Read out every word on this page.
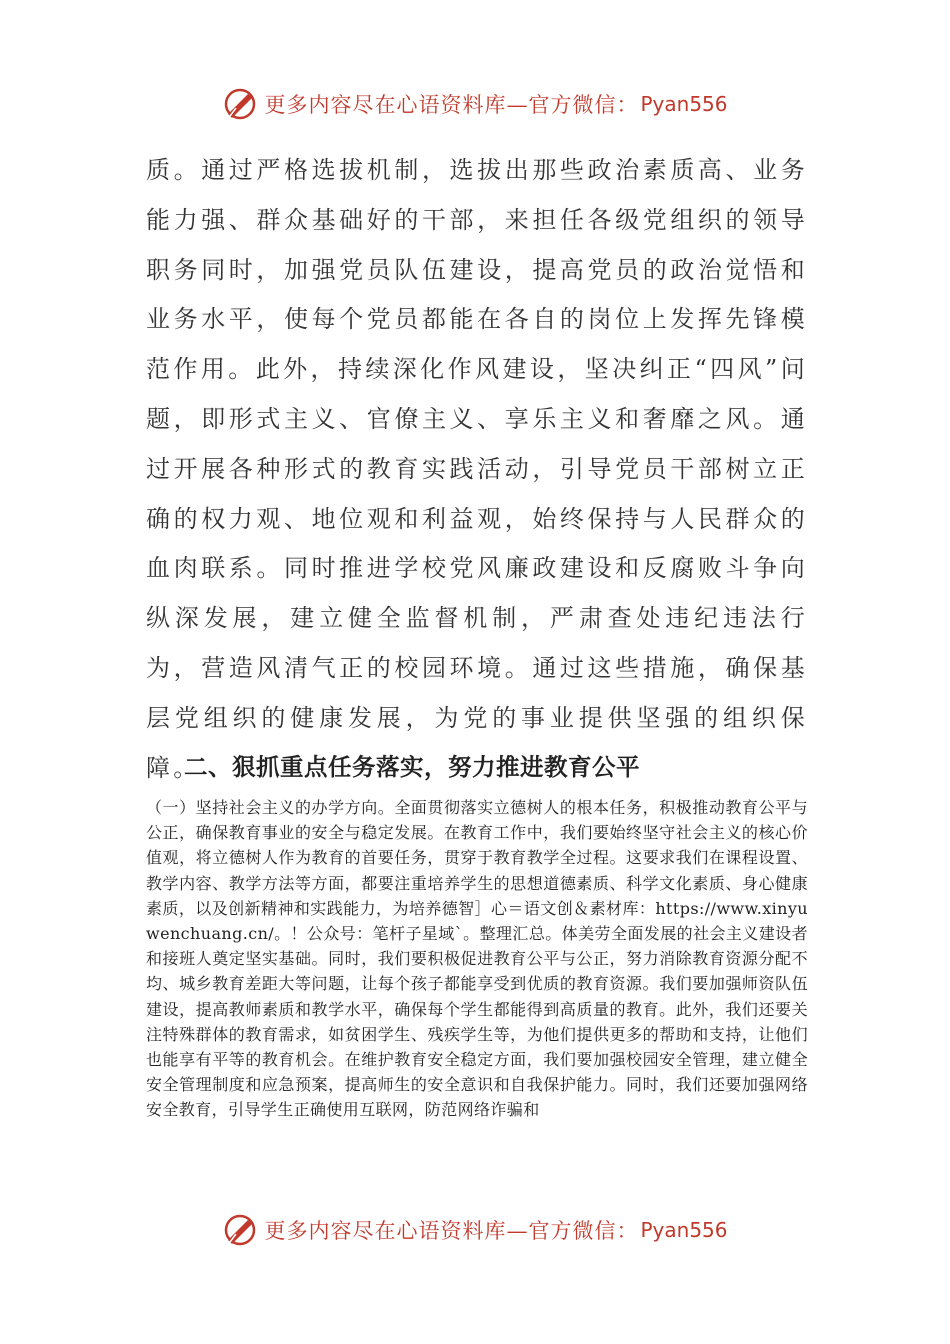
更多内容尽在心语资料库—官方微信： Pyan556

质。通过严格选拔机制，选拔出那些政治素质高、业务能力强、群众基础好的干部，来担任各级党组织的领导职务同时，加强党员队伍建设，提高党员的政治觉悟和业务水平，使每个党员都能在各自的岗位上发挥先锋模范作用。此外，持续深化作风建设，坚决纠正“四风”问题，即形式主义、官僚主义、享乐主义和奢靡之风。通过开展各种形式的教育实践活动，引导党员干部树立正确的权力观、地位观和利益观，始终保持与人民群众的血肉联系。同时推进学校党风廉政建设和反腐败斗争向纵深发展，建立健全监督机制，严肃查处违纪违法行为，营造风清气正的校园环境。通过这些措施，确保基层党组织的健康发展，为党的事业提供坚强的组织保障。

二、狠抓重点任务落实，努力推进教育公平

（一）坚持社会主义的办学方向。全面贯彻落实立德树人的根本任务，积极推动教育公平与公正，确保教育事业的安全与稳定发展。在教育工作中，我们要始终坚守社会主义的核心价值观，将立德树人作为教育的首要任务，贯穿于教育教学全过程。这要求我们在课程设置、教学内容、教学方法等方面，都要注重培养学生的思想道德素质、科学文化素质、身心健康素质，以及创新精神和实践能力，为培养德智］心＝语文创＆素材库：https://www.xinyuwenchuang.cn/。！公众号：笔杆子星域`。整理汇总。体美劳全面发展的社会主义建设者和接班人奠定坚实基础。同时，我们要积极促进教育公平与公正，努力消除教育资源分配不均、城乡教育差距大等问题，让每个孩子都能享受到优质的教育资源。我们要加强师资队伍建设，提高教师素质和教学水平，确保每个学生都能得到高质量的教育。此外，我们还要关注特殊群体的教育需求，如贫困学生、残疾学生等，为他们提供更多的帮助和支持，让他们也能享有平等的教育机会。在维护教育安全稳定方面，我们要加强校园安全管理，建立健全安全管理制度和应急预案，提高师生的安全意识和自我保护能力。同时，我们还要加强网络安全教育，引导学生正确使用互联网，防范网络诈骗和

更多内容尽在心语资料库—官方微信： Pyan556
